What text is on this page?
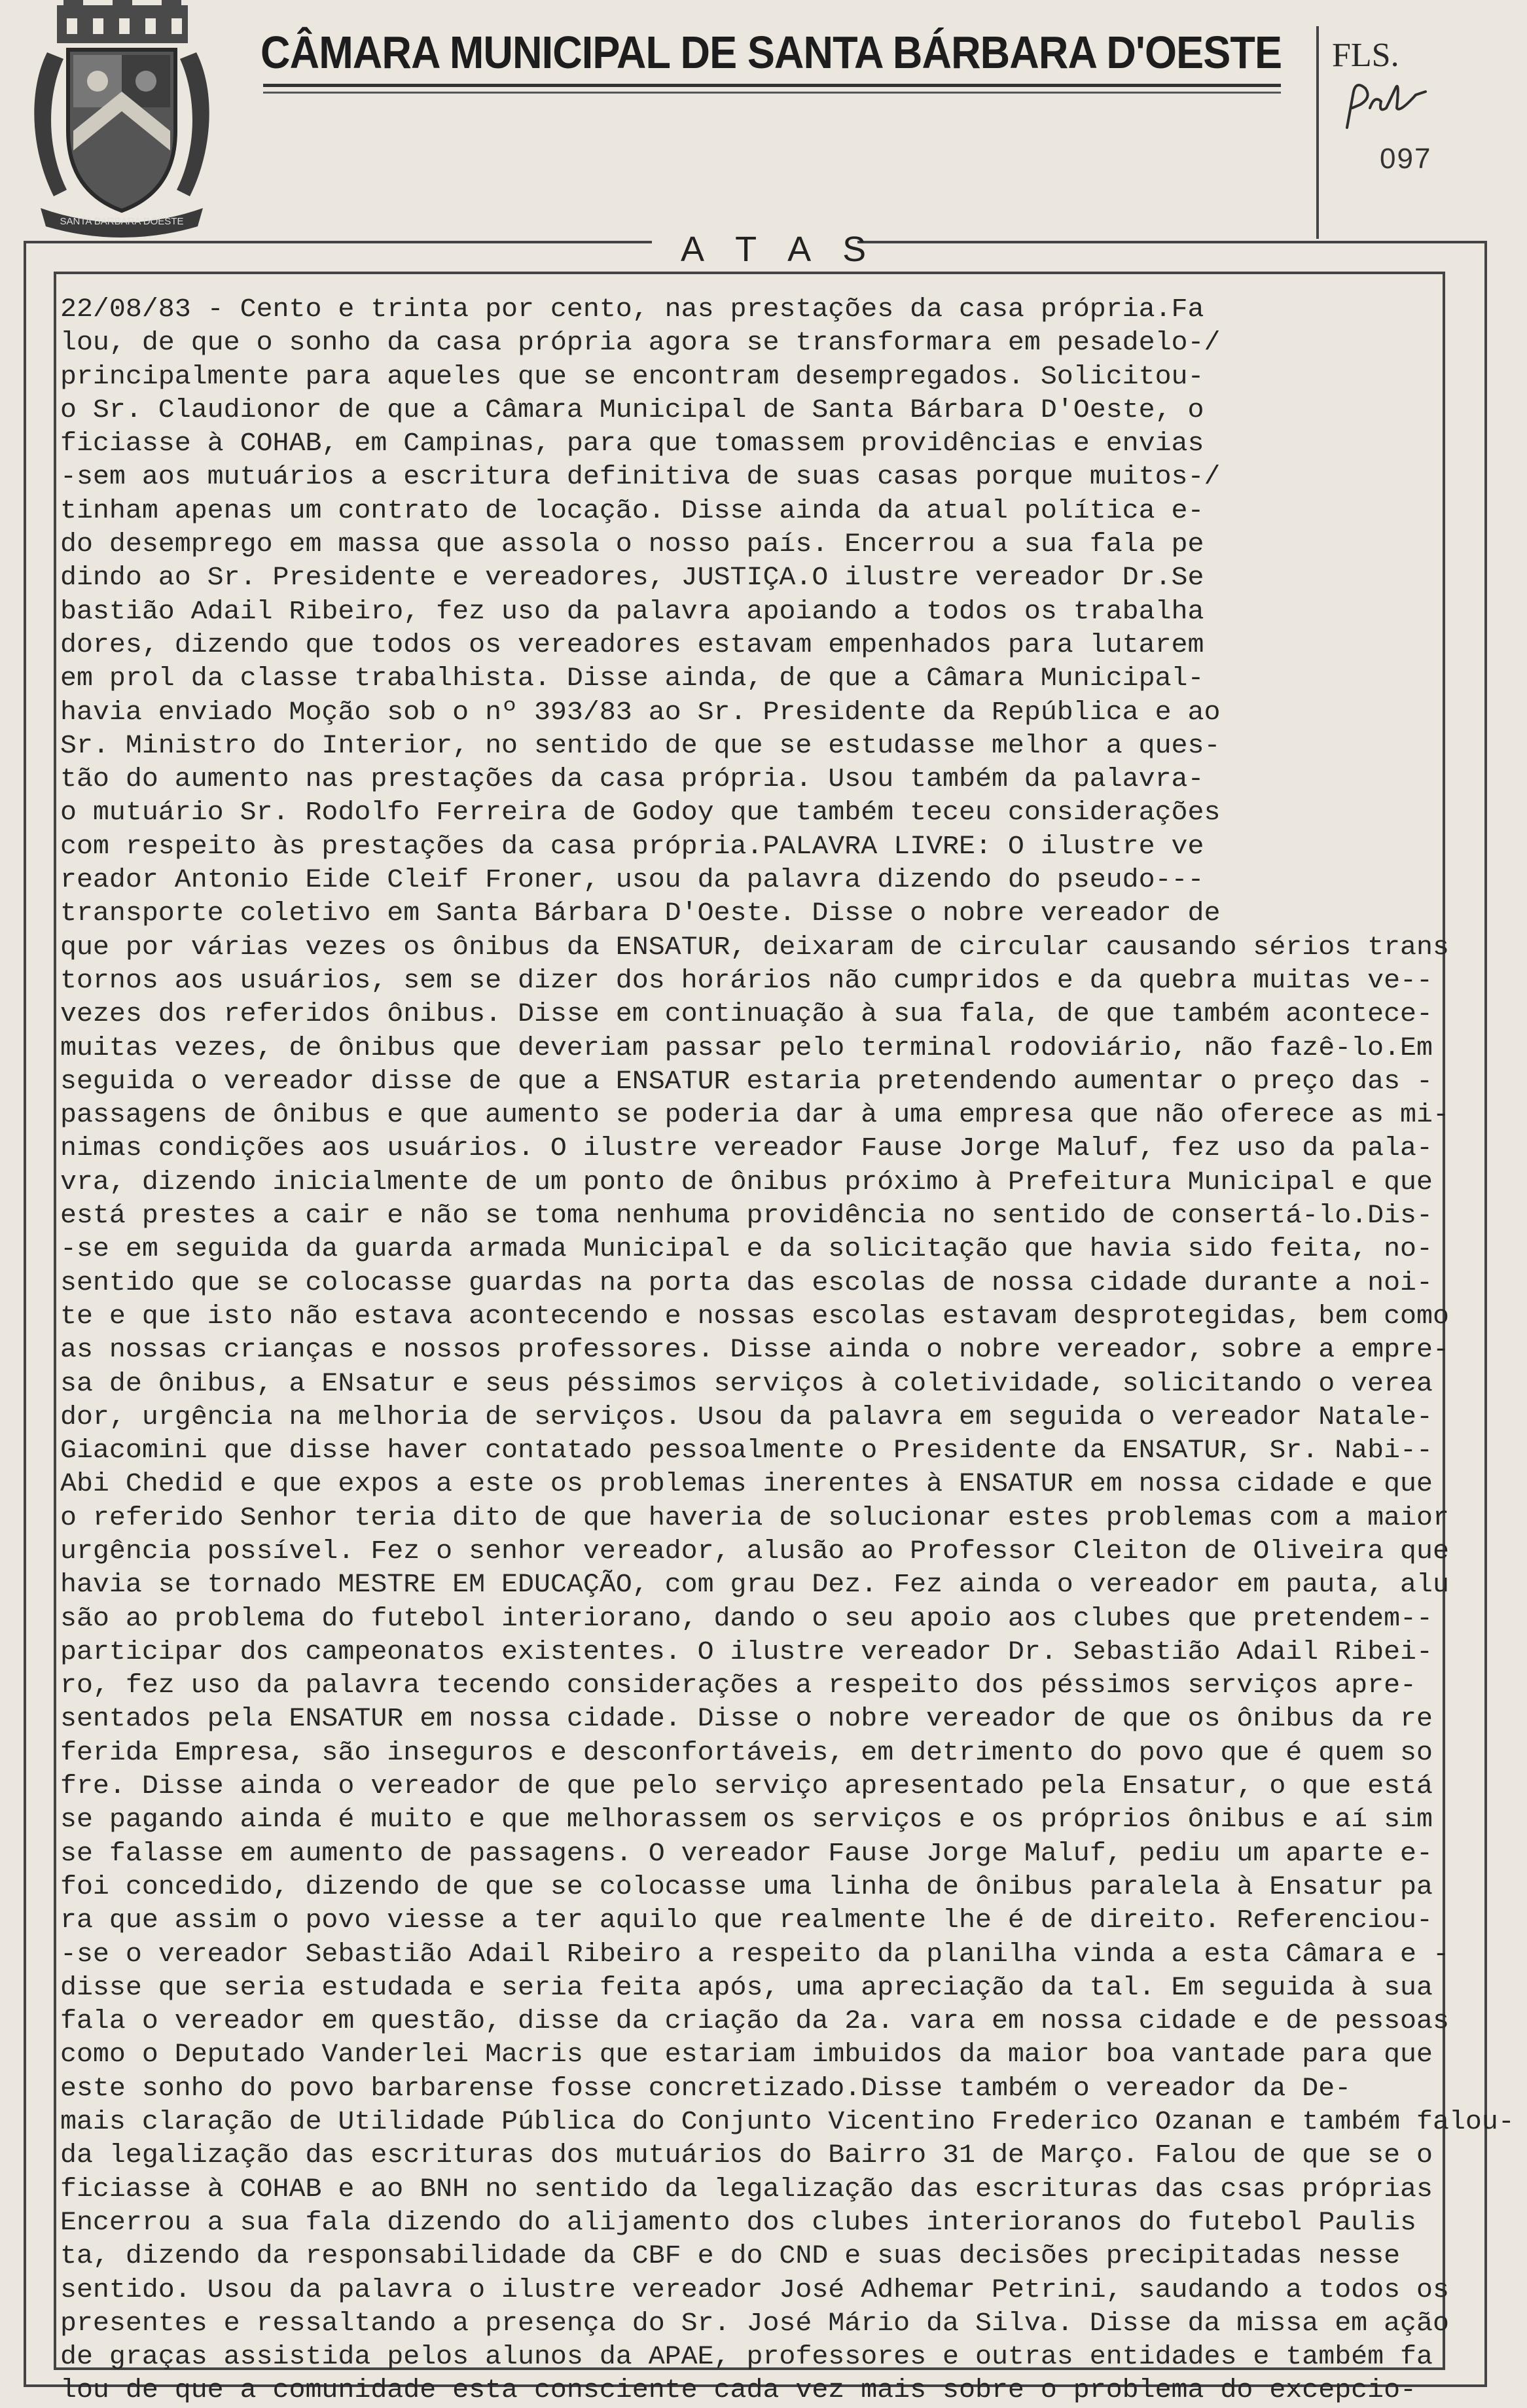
SANTA BARBARA DOESTE
CÂMARA MUNICIPAL DE SANTA BÁRBARA D'OESTE FLS.
097
A T A S
22/08/83 - Cento e trinta por cento, nas prestações da casa própria.Fa
lou, de que o sonho da casa própria agora se transformara em pesadelo-/
principalmente para aqueles que se encontram desempregados. Solicitou-
o Sr. Claudionor de que a Câmara Municipal de Santa Bárbara D'Oeste, o
ficiasse à COHAB, em Campinas, para que tomassem providências e envias
-sem aos mutuários a escritura definitiva de suas casas porque muitos-/
tinham apenas um contrato de locação. Disse ainda da atual política e-
do desemprego em massa que assola o nosso país. Encerrou a sua fala pe
dindo ao Sr. Presidente e vereadores, JUSTIÇA.O ilustre vereador Dr.Se
bastião Adail Ribeiro, fez uso da palavra apoiando a todos os trabalha
dores, dizendo que todos os vereadores estavam empenhados para lutarem
em prol da classe trabalhista. Disse ainda, de que a Câmara Municipal-
havia enviado Moção sob o nº 393/83 ao Sr. Presidente da República e ao
Sr. Ministro do Interior, no sentido de que se estudasse melhor a ques-
tão do aumento nas prestações da casa própria. Usou também da palavra-
o mutuário Sr. Rodolfo Ferreira de Godoy que também teceu considerações
com respeito às prestações da casa própria.PALAVRA LIVRE: O ilustre ve
reador Antonio Eide Cleif Froner, usou da palavra dizendo do pseudo---
transporte coletivo em Santa Bárbara D'Oeste. Disse o nobre vereador de
que por várias vezes os ônibus da ENSATUR, deixaram de circular causando sérios trans
tornos aos usuários, sem se dizer dos horários não cumpridos e da quebra muitas ve--
vezes dos referidos ônibus. Disse em continuação à sua fala, de que também acontece-
muitas vezes, de ônibus que deveriam passar pelo terminal rodoviário, não fazê-lo.Em
seguida o vereador disse de que a ENSATUR estaria pretendendo aumentar o preço das -
passagens de ônibus e que aumento se poderia dar à uma empresa que não oferece as mi-
nimas condições aos usuários. O ilustre vereador Fause Jorge Maluf, fez uso da pala-
vra, dizendo inicialmente de um ponto de ônibus próximo à Prefeitura Municipal e que
está prestes a cair e não se toma nenhuma providência no sentido de consertá-lo.Dis-
-se em seguida da guarda armada Municipal e da solicitação que havia sido feita, no-
sentido que se colocasse guardas na porta das escolas de nossa cidade durante a noi-
te e que isto não estava acontecendo e nossas escolas estavam desprotegidas, bem como
as nossas crianças e nossos professores. Disse ainda o nobre vereador, sobre a empre-
sa de ônibus, a ENsatur e seus péssimos serviços à coletividade, solicitando o verea
dor, urgência na melhoria de serviços. Usou da palavra em seguida o vereador Natale-
Giacomini que disse haver contatado pessoalmente o Presidente da ENSATUR, Sr. Nabi--
Abi Chedid e que expos a este os problemas inerentes à ENSATUR em nossa cidade e que
o referido Senhor teria dito de que haveria de solucionar estes problemas com a maior
urgência possível. Fez o senhor vereador, alusão ao Professor Cleiton de Oliveira que
havia se tornado MESTRE EM EDUCAÇÃO, com grau Dez. Fez ainda o vereador em pauta, alu
são ao problema do futebol interiorano, dando o seu apoio aos clubes que pretendem--
participar dos campeonatos existentes. O ilustre vereador Dr. Sebastião Adail Ribei-
ro, fez uso da palavra tecendo considerações a respeito dos péssimos serviços apre-
sentados pela ENSATUR em nossa cidade. Disse o nobre vereador de que os ônibus da re
ferida Empresa, são inseguros e desconfortáveis, em detrimento do povo que é quem so
fre. Disse ainda o vereador de que pelo serviço apresentado pela Ensatur, o que está
se pagando ainda é muito e que melhorassem os serviços e os próprios ônibus e aí sim
se falasse em aumento de passagens. O vereador Fause Jorge Maluf, pediu um aparte e-
foi concedido, dizendo de que se colocasse uma linha de ônibus paralela à Ensatur pa
ra que assim o povo viesse a ter aquilo que realmente lhe é de direito. Referenciou-
-se o vereador Sebastião Adail Ribeiro a respeito da planilha vinda a esta Câmara e -
disse que seria estudada e seria feita após, uma apreciação da tal. Em seguida à sua
fala o vereador em questão, disse da criação da 2a. vara em nossa cidade e de pessoas
como o Deputado Vanderlei Macris que estariam imbuidos da maior boa vantade para que
este sonho do povo barbarense fosse concretizado.Disse também o vereador da De-
mais claração de Utilidade Pública do Conjunto Vicentino Frederico Ozanan e também falou-
da legalização das escrituras dos mutuários do Bairro 31 de Março. Falou de que se o
ficiasse à COHAB e ao BNH no sentido da legalização das escrituras das csas próprias
Encerrou a sua fala dizendo do alijamento dos clubes interioranos do futebol Paulis
ta, dizendo da responsabilidade da CBF e do CND e suas decisões precipitadas nesse
sentido. Usou da palavra o ilustre vereador José Adhemar Petrini, saudando a todos os
presentes e ressaltando a presença do Sr. José Mário da Silva. Disse da missa em ação
de graças assistida pelos alunos da APAE, professores e outras entidades e também fa
lou de que a comunidade esta consciente cada vez mais sobre o problema do excepcio-
